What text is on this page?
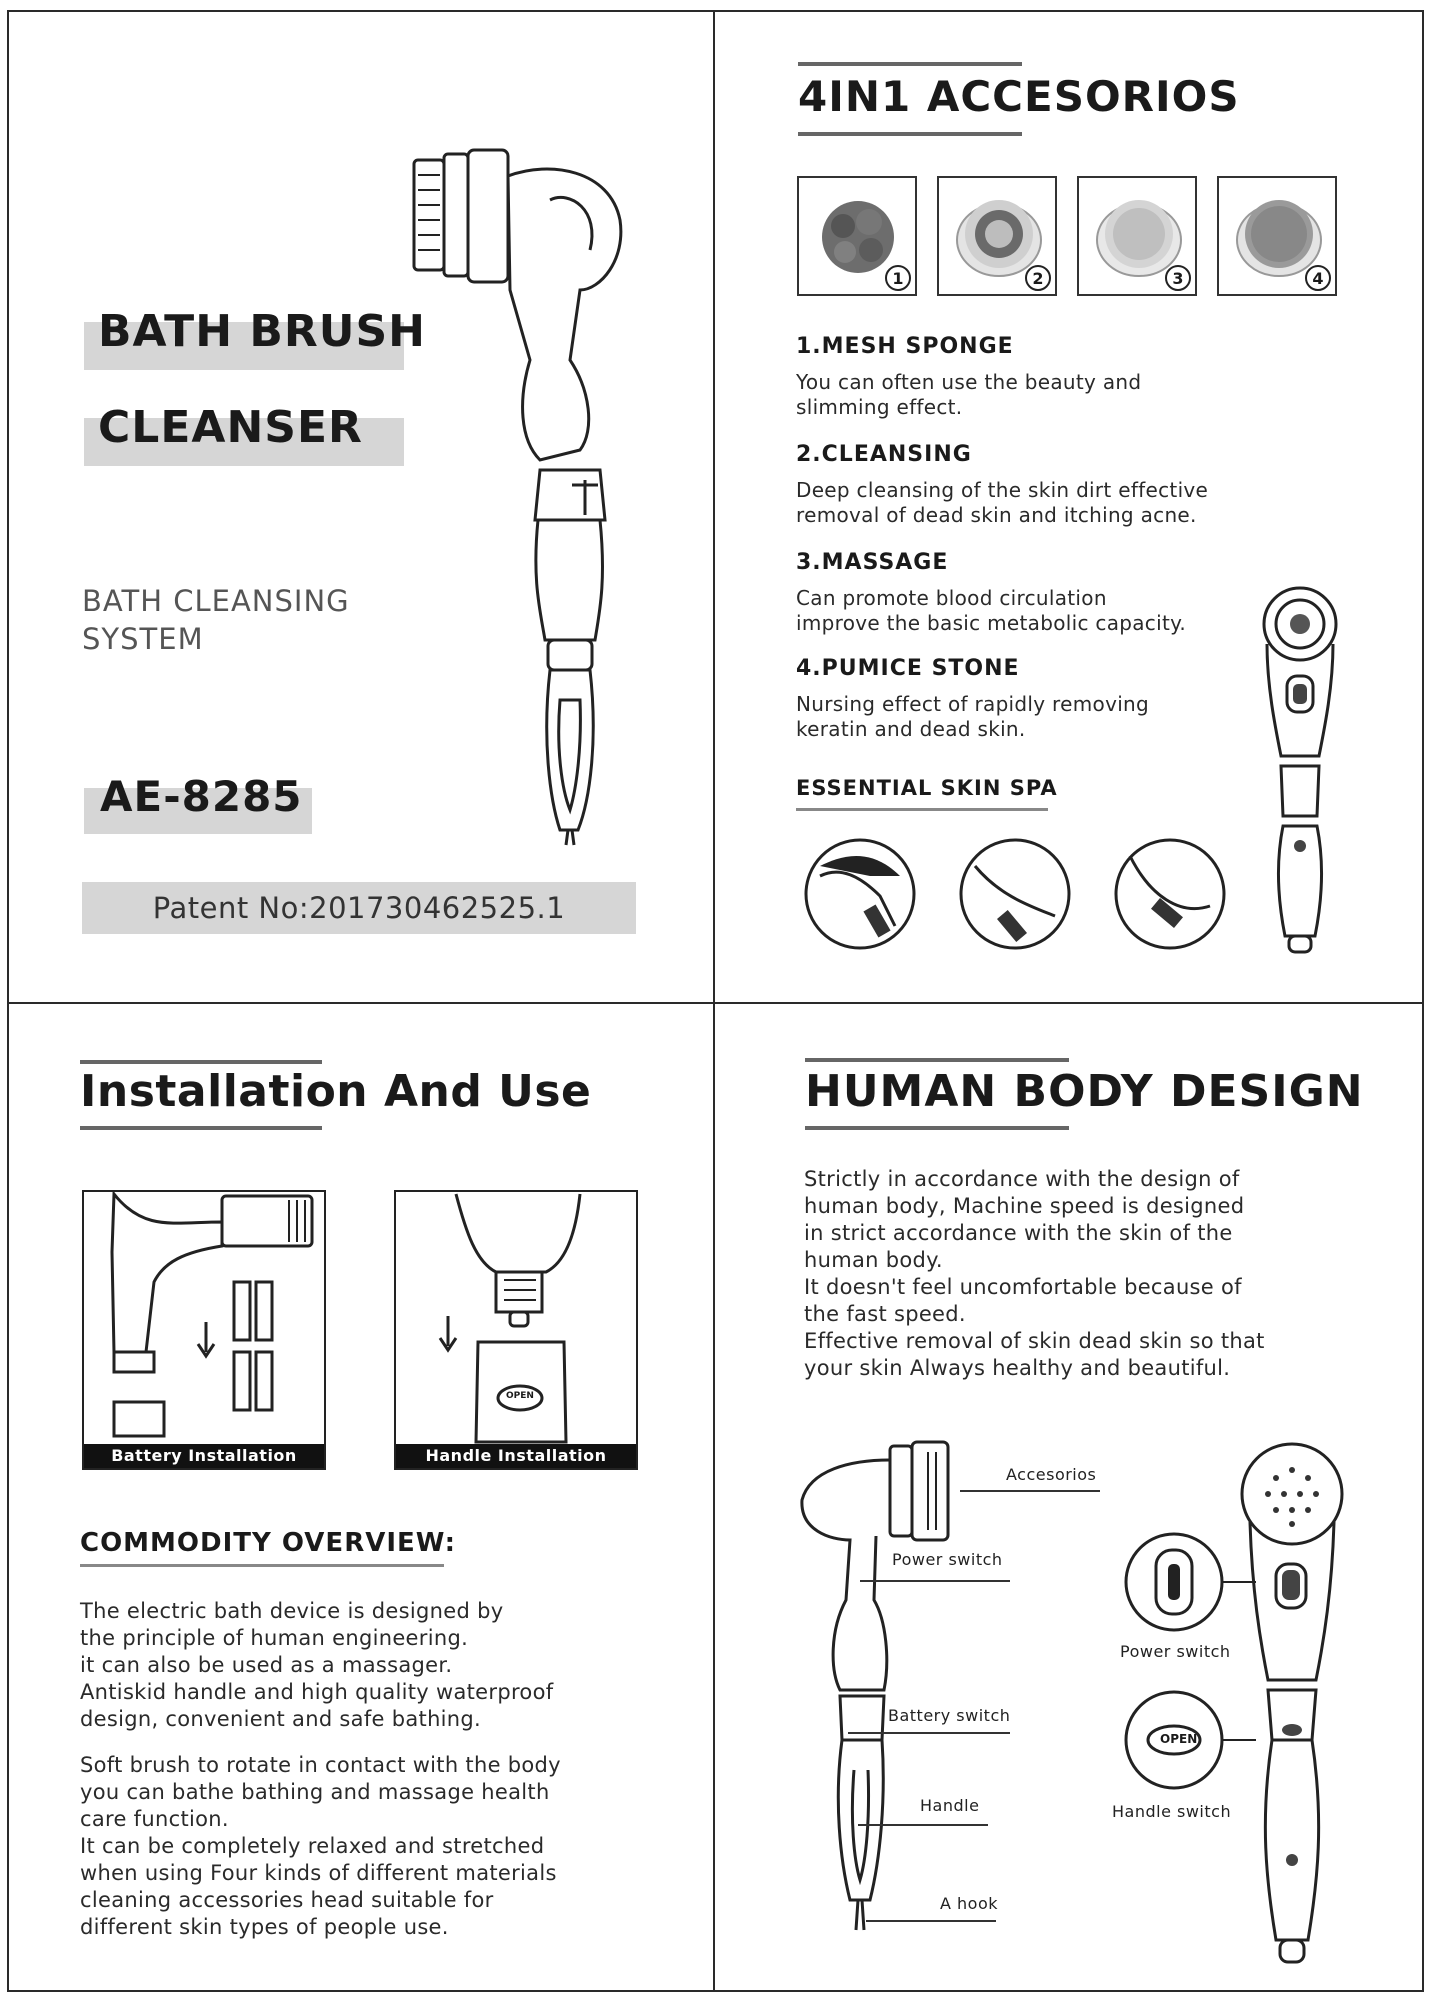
BATH BRUSH
CLEANSER
BATH CLEANSING
SYSTEM
AE-8285
Patent No:201730462525.1
4IN1 ACCESORIOS
1	2	3	4
1.MESH SPONGE
You can often use the beauty and
slimming effect.
2.CLEANSING
Deep cleansing of the skin dirt effective
removal of dead skin and itching acne.
3.MASSAGE
Can promote blood circulation
improve the basic metabolic capacity.
4.PUMICE STONE
Nursing effect of rapidly removing
keratin and dead skin.
ESSENTIAL SKIN SPA
Installation And Use
Battery Installation
OPEN
Handle Installation
COMMODITY OVERVIEW:
The electric bath device is designed by
the principle of human engineering.
it can also be used as a massager.
Antiskid handle and high quality waterproof
design, convenient and safe bathing.
Soft brush to rotate in contact with the body
you can bathe bathing and massage health
care function.
It can be completely relaxed and stretched
when using Four kinds of different materials
cleaning accessories head suitable for
different skin types of people use.
HUMAN BODY DESIGN
Strictly in accordance with the design of
human body, Machine speed is designed
in strict accordance with the skin of the
human body.
It doesn't feel uncomfortable because of
the fast speed.
Effective removal of skin dead skin so that
your skin Always healthy and beautiful.
Accesorios
Power switch
Battery switch
Handle
A hook
Power switch
OPEN
Handle switch
